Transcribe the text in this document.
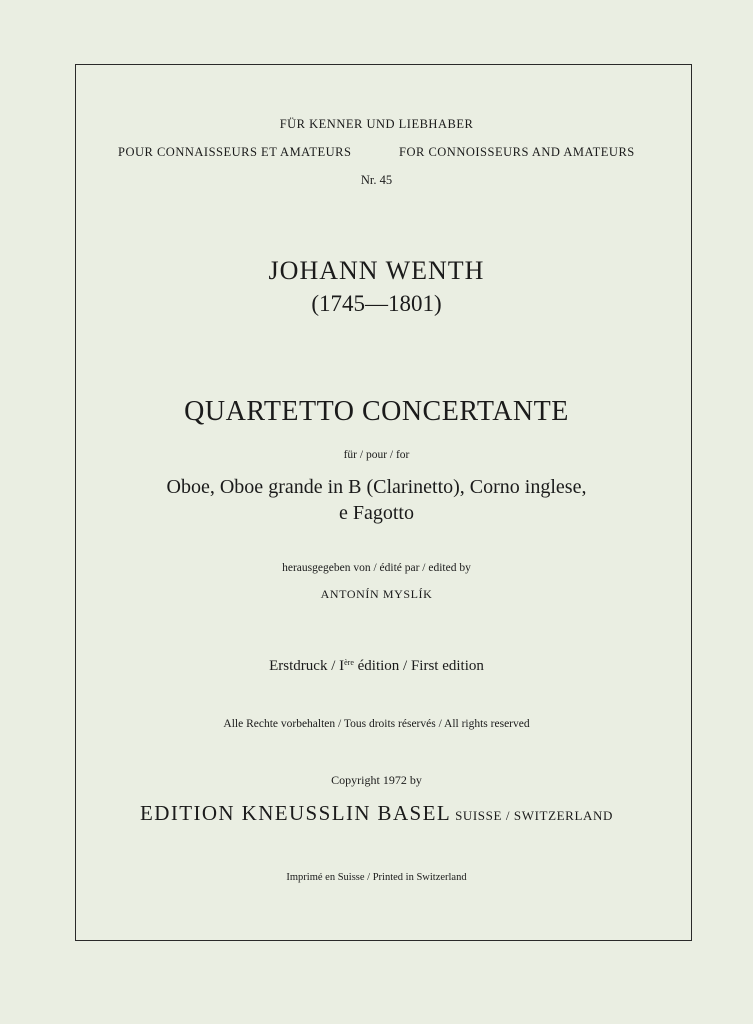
FÜR KENNER UND LIEBHABER
POUR CONNAISSEURS ET AMATEURS	FOR CONNOISSEURS AND AMATEURS
Nr. 45
JOHANN WENTH
(1745—1801)
QUARTETTO CONCERTANTE
für / pour / for
Oboe, Oboe grande in B (Clarinetto), Corno inglese,
e Fagotto
herausgegeben von / édité par / edited by
ANTONÍN MYSLÍK
Erstdruck / Ière édition / First edition
Alle Rechte vorbehalten / Tous droits réservés / All rights reserved
Copyright 1972 by
EDITION KNEUSSLIN BASEL SUISSE / SWITZERLAND
Imprimé en Suisse / Printed in Switzerland
